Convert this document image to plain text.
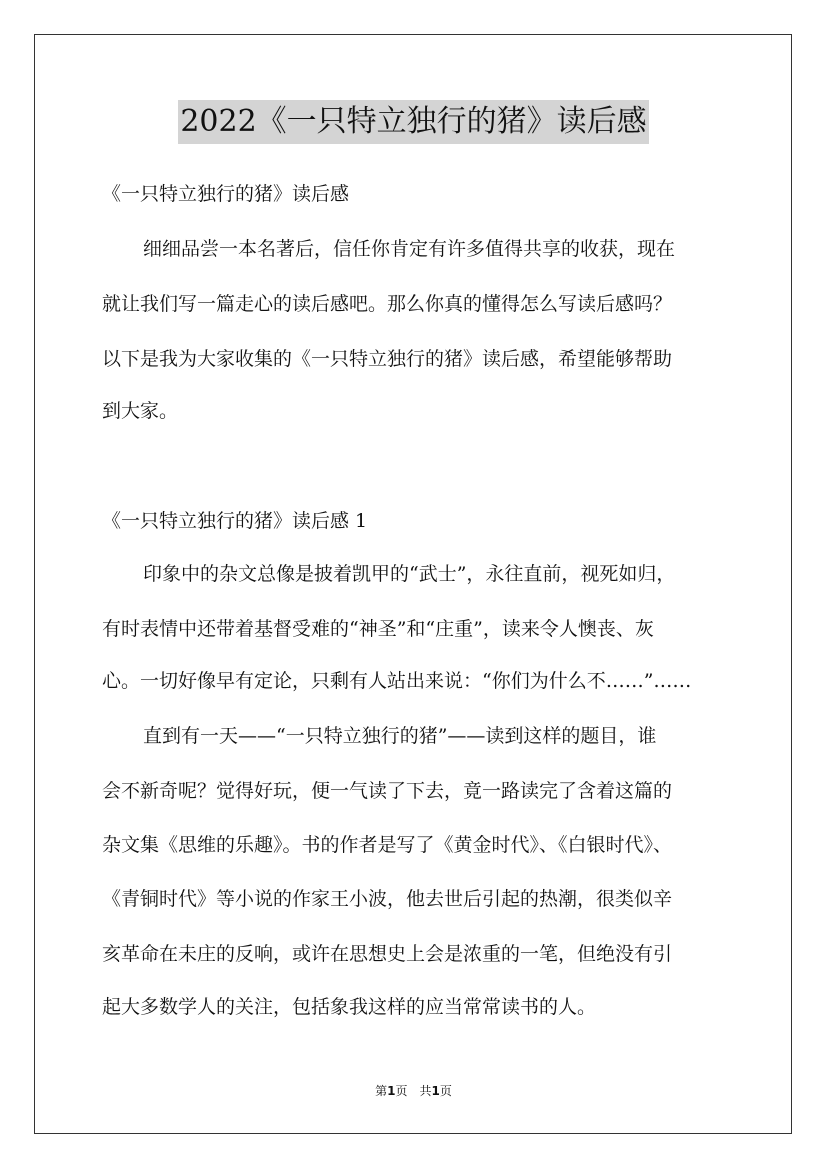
2022《一只特立独行的猪》读后感
《一只特立独行的猪》读后感
细细品尝一本名著后，信任你肯定有许多值得共享的收获，现在
就让我们写一篇走心的读后感吧。那么你真的懂得怎么写读后感吗？
以下是我为大家收集的《一只特立独行的猪》读后感，希望能够帮助
到大家。
《一只特立独行的猪》读后感 1
印象中的杂文总像是披着凯甲的“武士”，永往直前，视死如归，
有时表情中还带着基督受难的“神圣”和“庄重”，读来令人懊丧、灰
心。一切好像早有定论，只剩有人站出来说：“你们为什么不……”……
直到有一天——“一只特立独行的猪”——读到这样的题目，谁
会不新奇呢？觉得好玩，便一气读了下去，竟一路读完了含着这篇的
杂文集《思维的乐趣》。书的作者是写了《黄金时代》、《白银时代》、
《青铜时代》等小说的作家王小波，他去世后引起的热潮，很类似辛
亥革命在未庄的反响，或许在思想史上会是浓重的一笔，但绝没有引
起大多数学人的关注，包括象我这样的应当常常读书的人。
第1页 共1页
